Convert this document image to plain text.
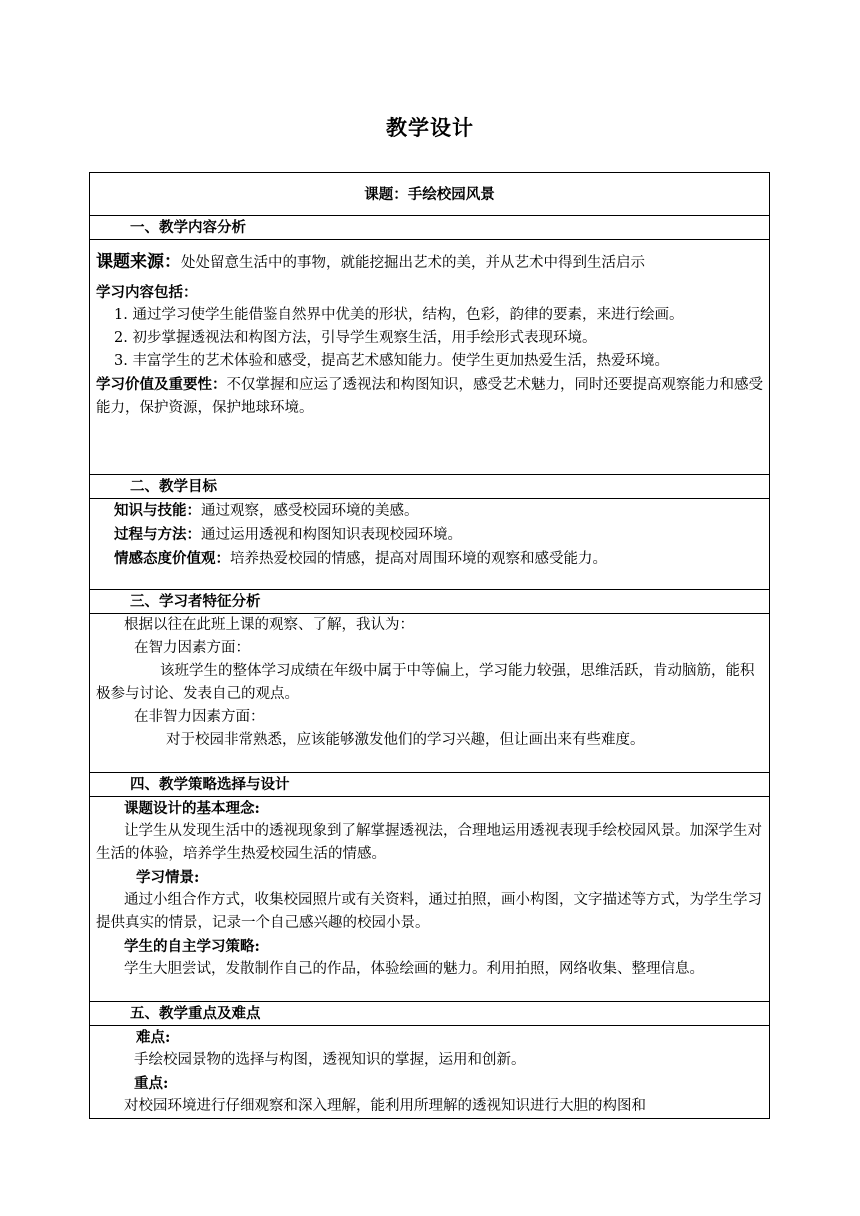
教学设计
课题：手绘校园风景
一、教学内容分析

课题来源：处处留意生活中的事物，就能挖掘出艺术的美，并从艺术中得到生活启示

学习内容包括：

1. 通过学习使学生能借鉴自然界中优美的形状，结构，色彩，韵律的要素，来进行绘画。

2. 初步掌握透视法和构图方法，引导学生观察生活，用手绘形式表现环境。

3. 丰富学生的艺术体验和感受，提高艺术感知能力。使学生更加热爱生活，热爱环境。

学习价值及重要性：不仅掌握和应运了透视法和构图知识，感受艺术魅力，同时还要提高观察能力和感受能力，保护资源，保护地球环境。

二、教学目标

知识与技能：通过观察，感受校园环境的美感。

过程与方法：通过运用透视和构图知识表现校园环境。

情感态度价值观：培养热爱校园的情感，提高对周围环境的观察和感受能力。

三、学习者特征分析

根据以往在此班上课的观察、了解，我认为：

在智力因素方面：

该班学生的整体学习成绩在年级中属于中等偏上，学习能力较强，思维活跃，肯动脑筋，能积极参与讨论、发表自己的观点。

在非智力因素方面：

对于校园非常熟悉，应该能够激发他们的学习兴趣，但让画出来有些难度。

四、教学策略选择与设计

课题设计的基本理念:

让学生从发现生活中的透视现象到了解掌握透视法，合理地运用透视表现手绘校园风景。加深学生对生活的体验，培养学生热爱校园生活的情感。

学习情景:

通过小组合作方式，收集校园照片或有关资料，通过拍照，画小构图，文字描述等方式，为学生学习提供真实的情景，记录一个自己感兴趣的校园小景。

学生的自主学习策略:

学生大胆尝试，发散制作自己的作品，体验绘画的魅力。利用拍照，网络收集、整理信息。

五、教学重点及难点

难点:

手绘校园景物的选择与构图，透视知识的掌握，运用和创新。

重点:

对校园环境进行仔细观察和深入理解，能利用所理解的透视知识进行大胆的构图和
